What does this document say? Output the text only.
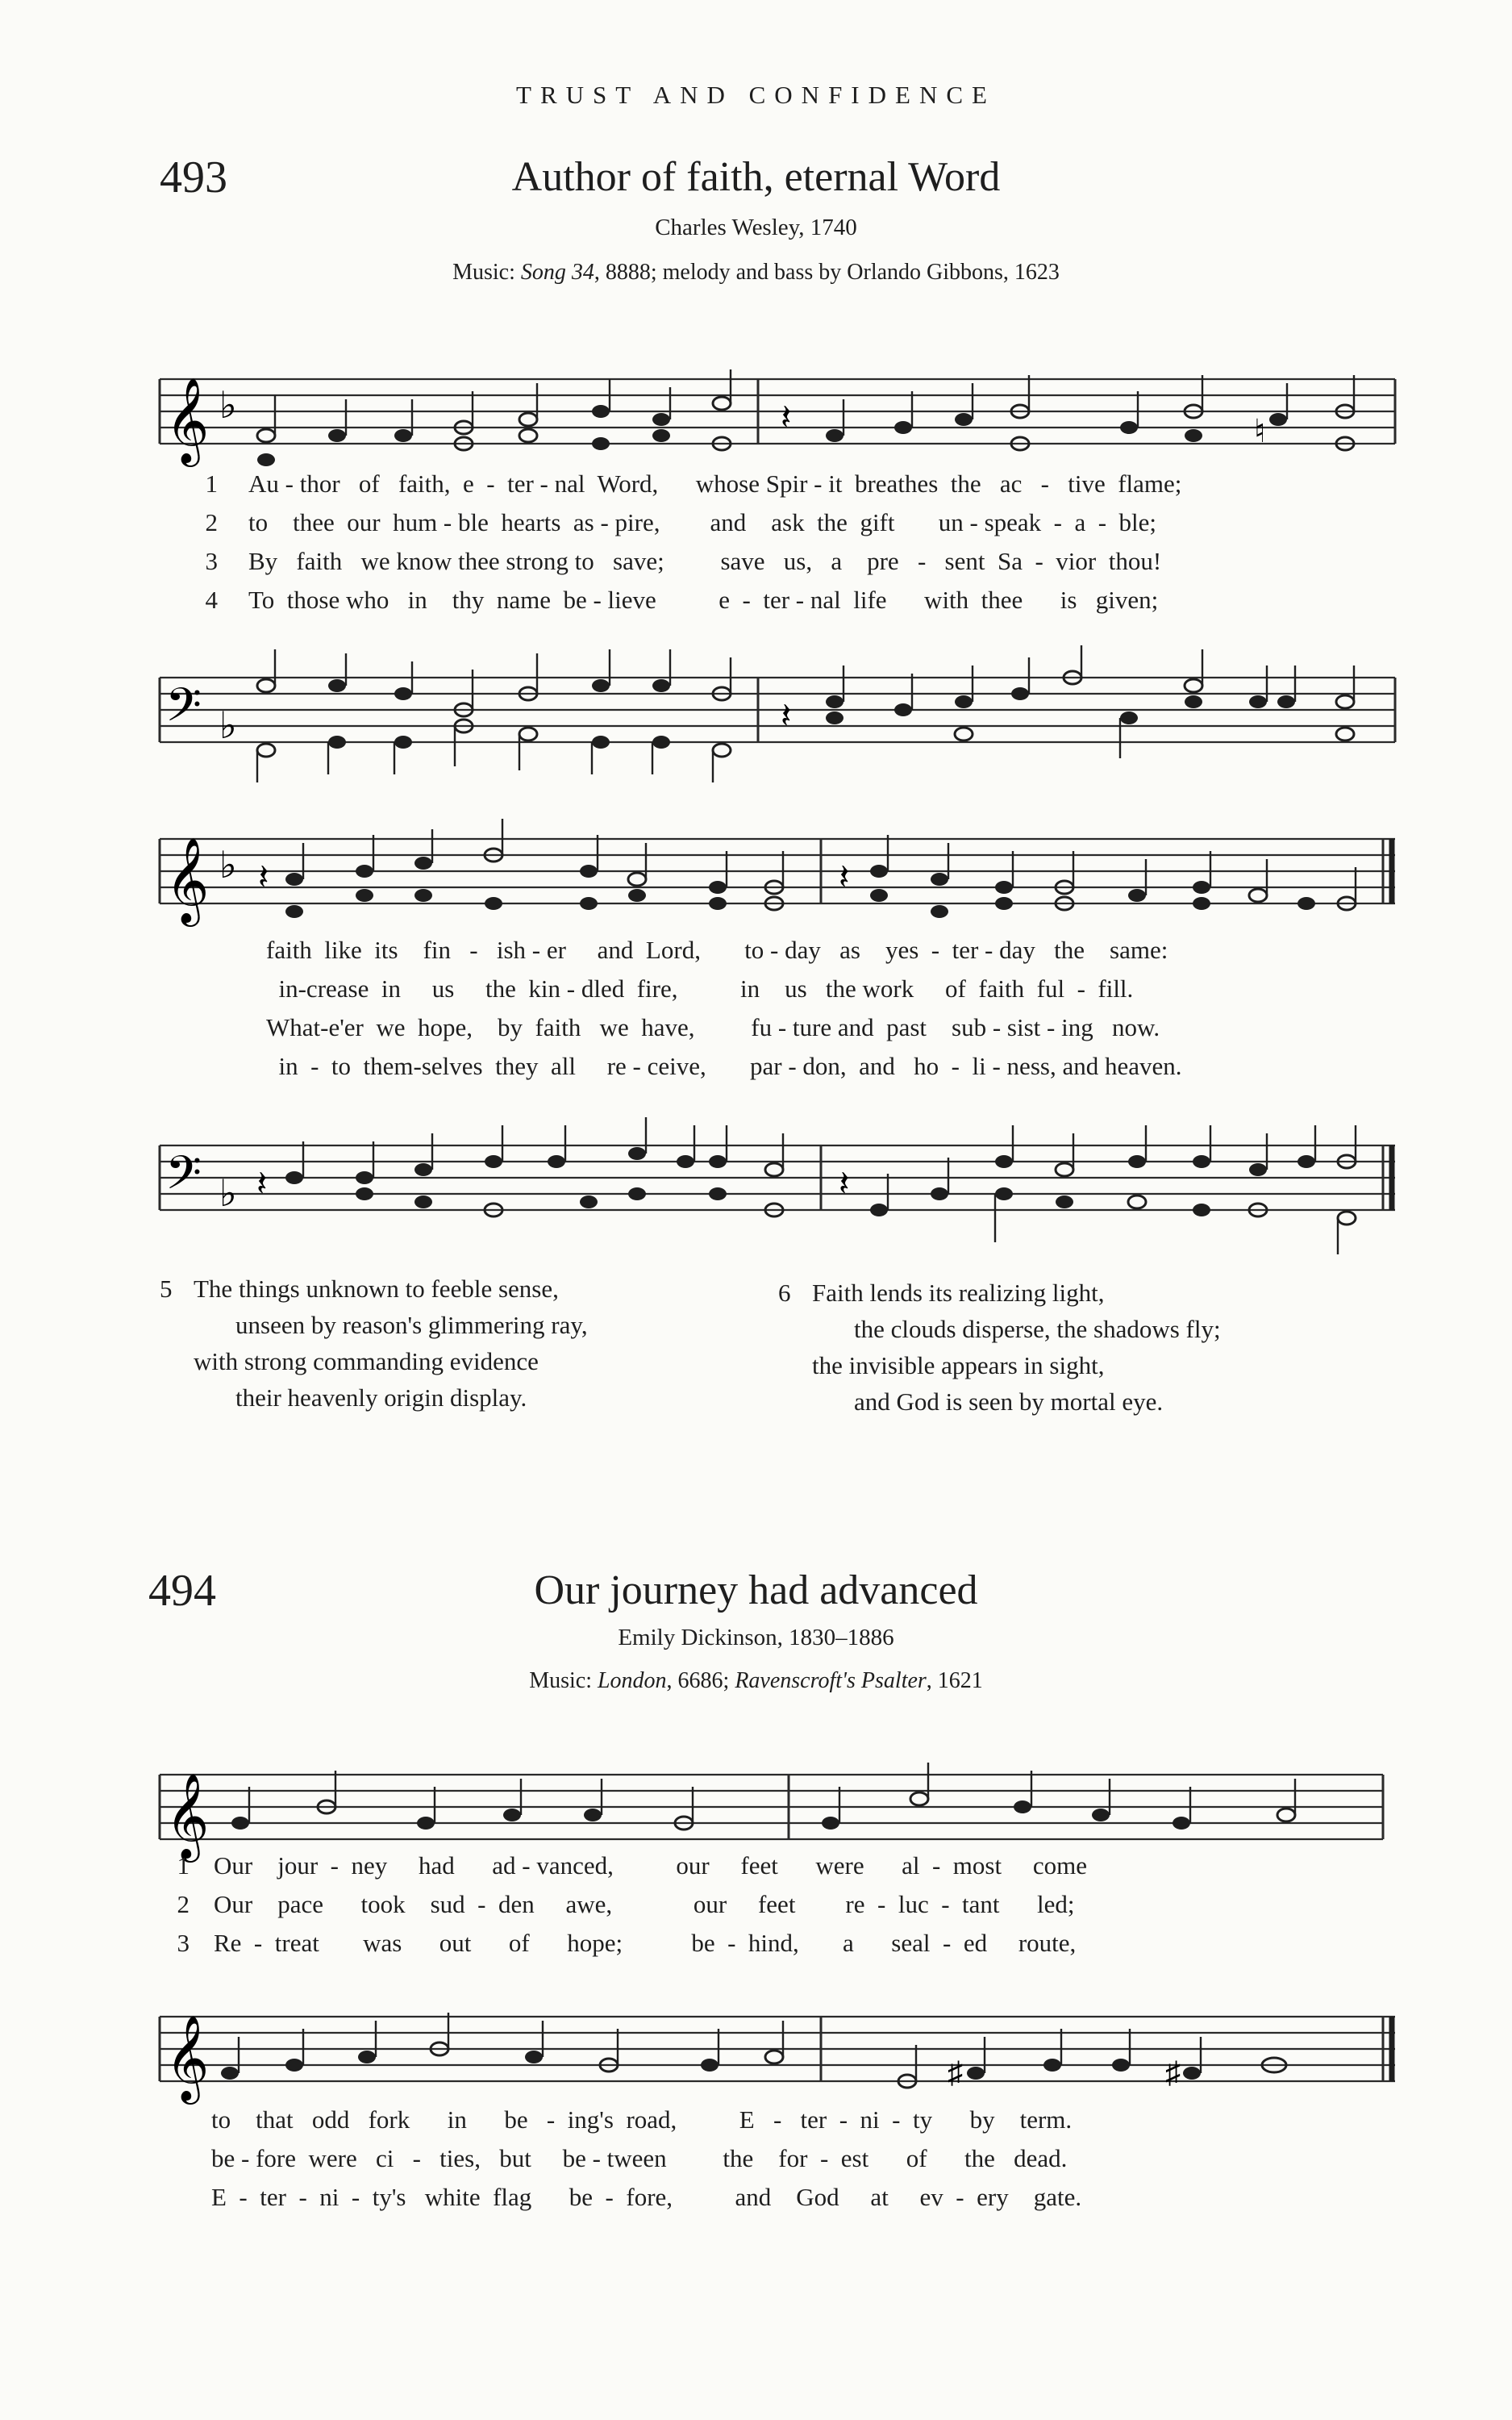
TRUST AND CONFIDENCE
493	Author of faith, eternal Word
Charles Wesley, 1740
Music: Song 34, 8888; melody and bass by Orlando Gibbons, 1623
𝄞 ♭	𝄽	♮
1 Au - thor   of   faith,  e  -  ter - nal  Word,      whose Spir - it  breathes  the   ac   -   tive  flame;
2 to    thee  our  hum - ble  hearts  as - pire,        and    ask  the  gift       un - speak  -  a  -  ble;
3 By   faith   we know thee strong to   save;         save   us,   a    pre   -   sent  Sa  -  vior  thou!
4 To  those who   in    thy  name  be - lieve          e  -  ter - nal  life      with  thee      is   given;
𝄢 ♭	𝄽
𝄞 ♭ 𝄽	𝄽
faith  like  its    fin   -   ish - er     and  Lord,       to - day   as    yes  -  ter - day   the    same:
in-crease  in     us     the  kin - dled  fire,          in    us   the work     of  faith  ful  -  fill.
What-e'er  we  hope,    by  faith   we  have,         fu - ture and  past    sub - sist - ing   now.
in  -  to  them-selves  they  all     re - ceive,       par - don,  and   ho  -  li - ness, and heaven.
𝄢 ♭ 𝄽	𝄽
5 The things unknown to feeble sense,
unseen by reason's glimmering ray,
with strong commanding evidence
their heavenly origin display.
6 Faith lends its realizing light,
the clouds disperse, the shadows fly;
the invisible appears in sight,
and God is seen by mortal eye.
494	Our journey had advanced
Emily Dickinson, 1830–1886
Music: London, 6686; Ravenscroft's Psalter, 1621
𝄞
1 Our    jour  -  ney     had      ad - vanced,          our     feet      were      al  -  most     come
2 Our    pace      took    sud  -  den     awe,             our     feet        re  -  luc  -  tant      led;
3 Re  -  treat       was      out      of      hope;           be  -  hind,       a      seal  -  ed     route,
𝄞	♯	♯
to    that   odd   fork      in      be   -  ing's  road,          E   -   ter  -  ni  -  ty      by    term.
be - fore  were   ci   -   ties,   but     be - tween         the    for  -  est      of      the   dead.
E  -  ter  -  ni  -  ty's   white  flag      be  -  fore,          and    God     at     ev  -  ery    gate.
